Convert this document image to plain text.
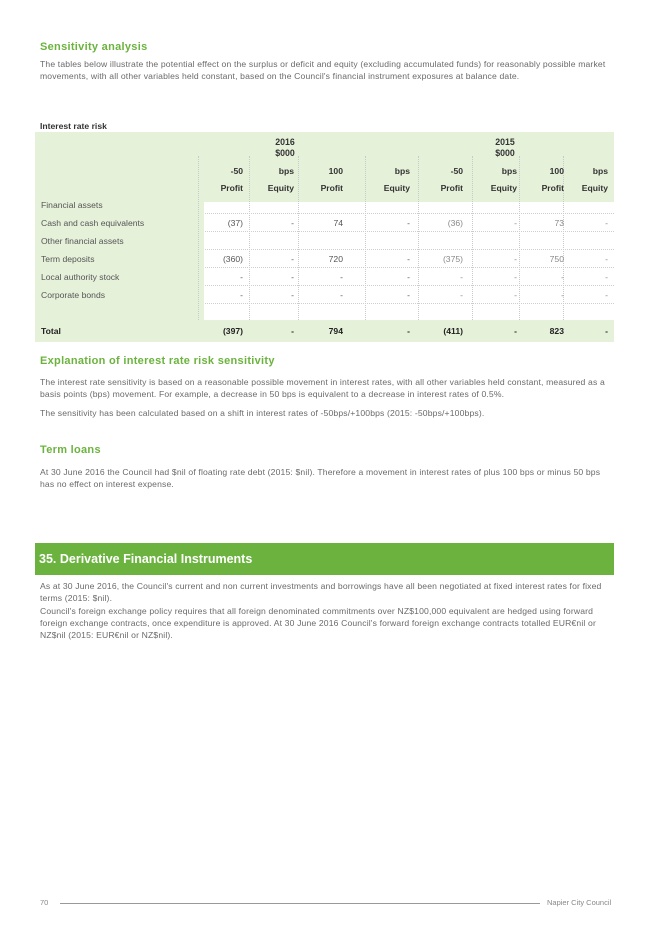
Sensitivity analysis

The tables below illustrate the potential effect on the surplus or deficit and equity (excluding accumulated funds) for reasonably possible market movements, with all other variables held constant, based on the Council's financial instrument exposures at balance date.

Interest rate risk
2016
$000
2015
$000
-50	bps	100	bps	-50	bps	100	bps
Profit	Equity	Profit	Equity	Profit	Equity	Profit	Equity
Financial assets
Cash and cash equivalents	(37)	-	74	-	(36)	-	73	-
Other financial assets
Term deposits	(360)	-	720	-	(375)	-	750	-
Local authority stock	-	-	-	-	-	-	-	-
Corporate bonds	-	-	-	-	-	-	-	-
Total	(397)	-	794	-	(411)	-	823	-
Explanation of interest rate risk sensitivity

The interest rate sensitivity is based on a reasonable possible movement in interest rates, with all other variables held constant, measured as a basis points (bps) movement. For example, a decrease in 50 bps is equivalent to a decrease in interest rates of 0.5%.

The sensitivity has been calculated based on a shift in interest rates of -50bps/+100bps (2015: -50bps/+100bps).

Term loans

At 30 June 2016 the Council had $nil of floating rate debt (2015: $nil). Therefore a movement in interest rates of plus 100 bps or minus 50 bps has no effect on interest expense.

35. Derivative Financial Instruments

As at 30 June 2016, the Council's current and non current investments and borrowings have all been negotiated at fixed interest rates for fixed terms (2015: $nil).

Council's foreign exchange policy requires that all foreign denominated commitments over NZ$100,000 equivalent are hedged using forward foreign exchange contracts, once expenditure is approved. At 30 June 2016 Council's forward foreign exchange contracts totalled EUR€nil or NZ$nil (2015: EUR€nil or NZ$nil).

70	Napier City Council
